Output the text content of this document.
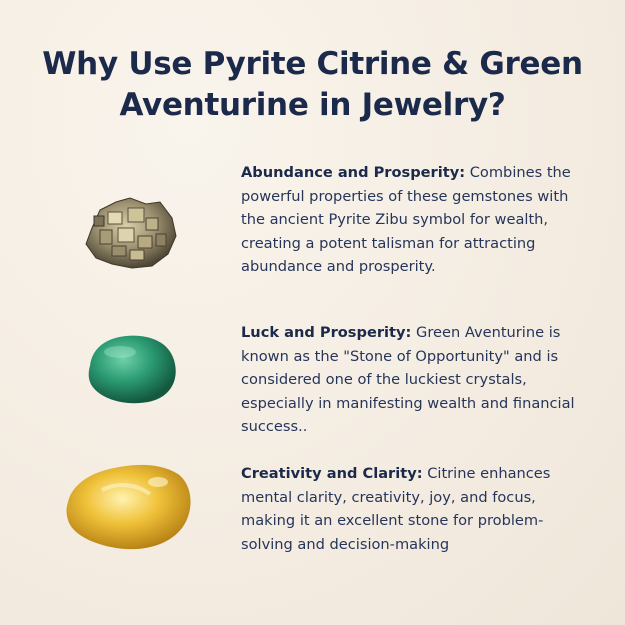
Why Use Pyrite Citrine & Green
Aventurine in Jewelry?
Abundance and Prosperity: Combines the powerful properties of these gemstones with the ancient Pyrite Zibu symbol for wealth, creating a potent talisman for attracting abundance and prosperity.
Luck and Prosperity: Green Aventurine is known as the "Stone of Opportunity" and is considered one of the luckiest crystals, especially in manifesting wealth and financial success..
Creativity and Clarity: Citrine enhances mental clarity, creativity, joy, and focus, making it an excellent stone for problem-solving and decision-making
